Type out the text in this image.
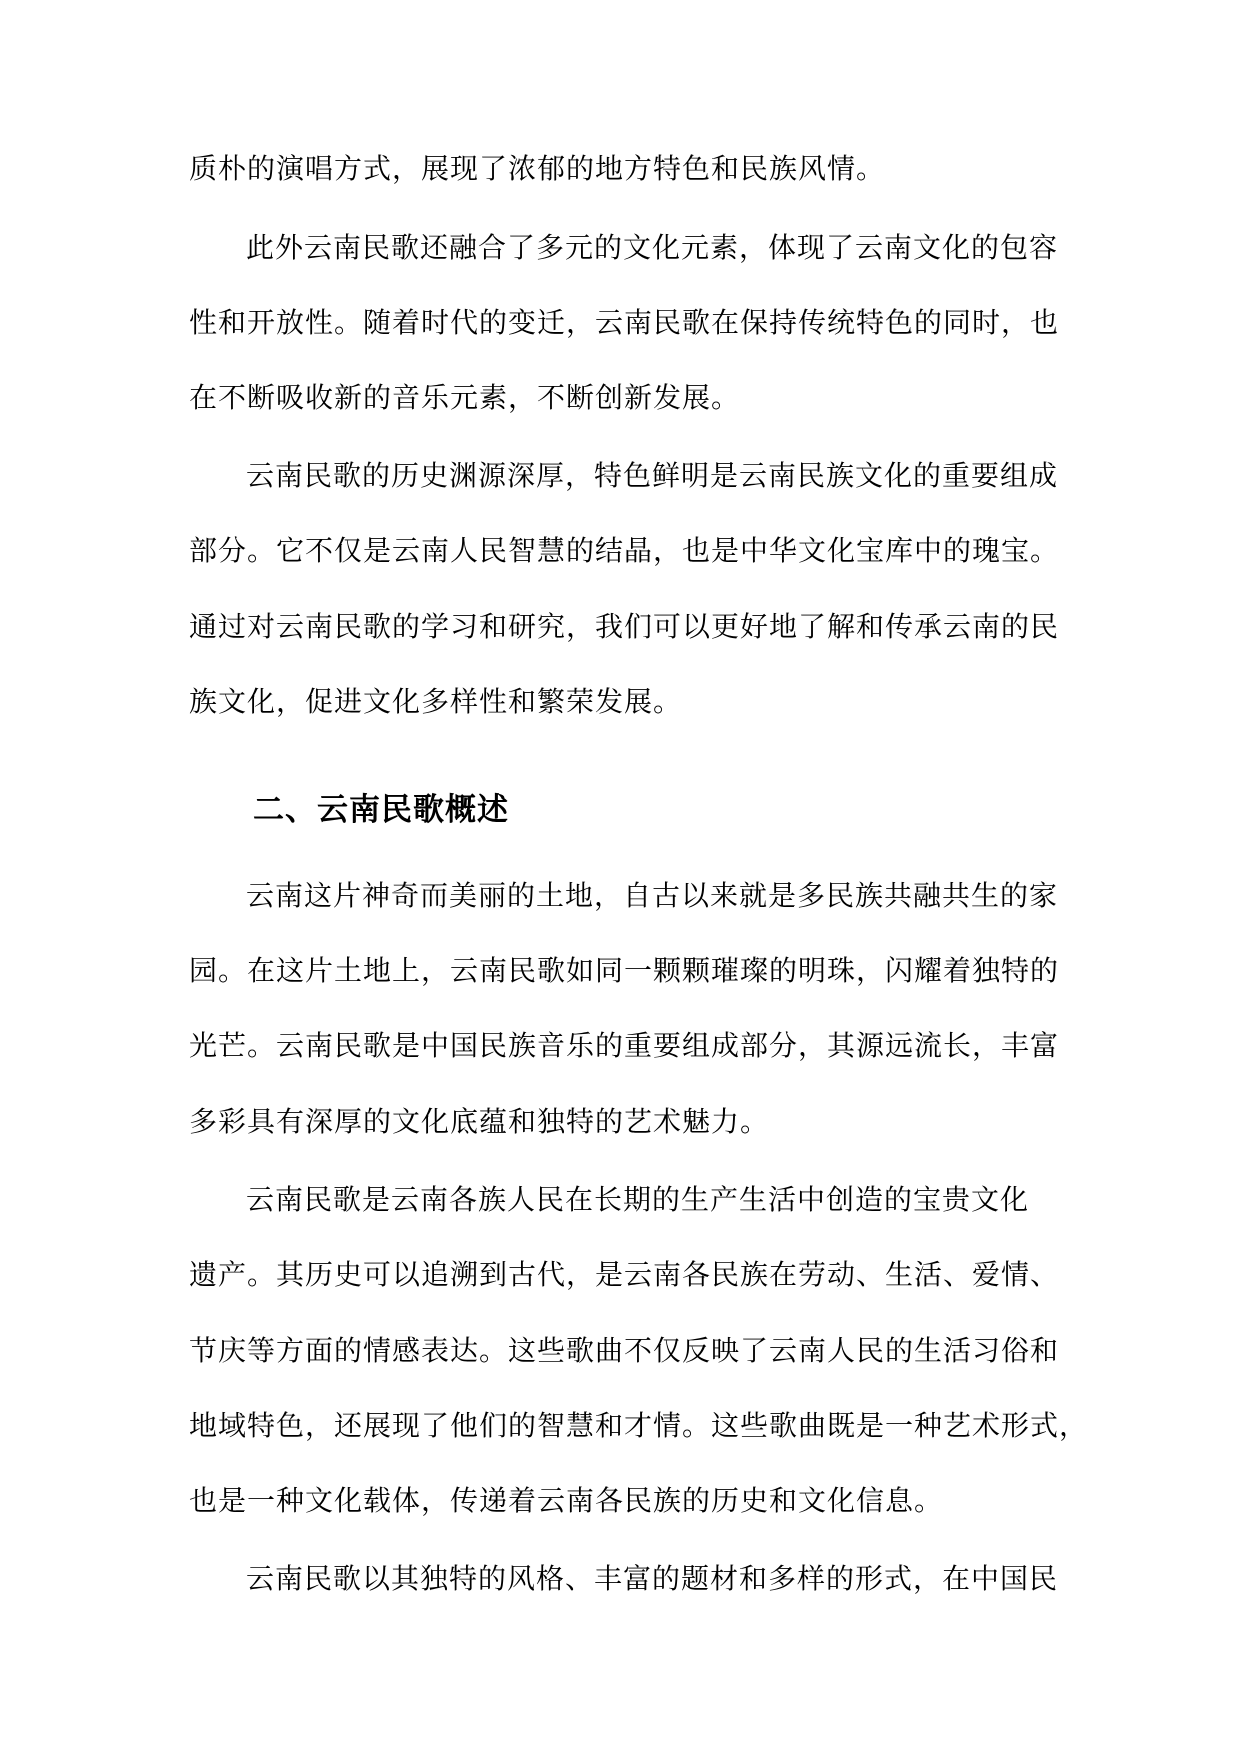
质朴的演唱方式，展现了浓郁的地方特色和民族风情。
此外云南民歌还融合了多元的文化元素，体现了云南文化的包容
性和开放性。随着时代的变迁，云南民歌在保持传统特色的同时，也
在不断吸收新的音乐元素，不断创新发展。
云南民歌的历史渊源深厚，特色鲜明是云南民族文化的重要组成
部分。它不仅是云南人民智慧的结晶，也是中华文化宝库中的瑰宝。
通过对云南民歌的学习和研究，我们可以更好地了解和传承云南的民
族文化，促进文化多样性和繁荣发展。
二、云南民歌概述
云南这片神奇而美丽的土地，自古以来就是多民族共融共生的家
园。在这片土地上，云南民歌如同一颗颗璀璨的明珠，闪耀着独特的
光芒。云南民歌是中国民族音乐的重要组成部分，其源远流长，丰富
多彩具有深厚的文化底蕴和独特的艺术魅力。
云南民歌是云南各族人民在长期的生产生活中创造的宝贵文化
遗产。其历史可以追溯到古代，是云南各民族在劳动、生活、爱情、
节庆等方面的情感表达。这些歌曲不仅反映了云南人民的生活习俗和
地域特色，还展现了他们的智慧和才情。这些歌曲既是一种艺术形式，
也是一种文化载体，传递着云南各民族的历史和文化信息。
云南民歌以其独特的风格、丰富的题材和多样的形式，在中国民
